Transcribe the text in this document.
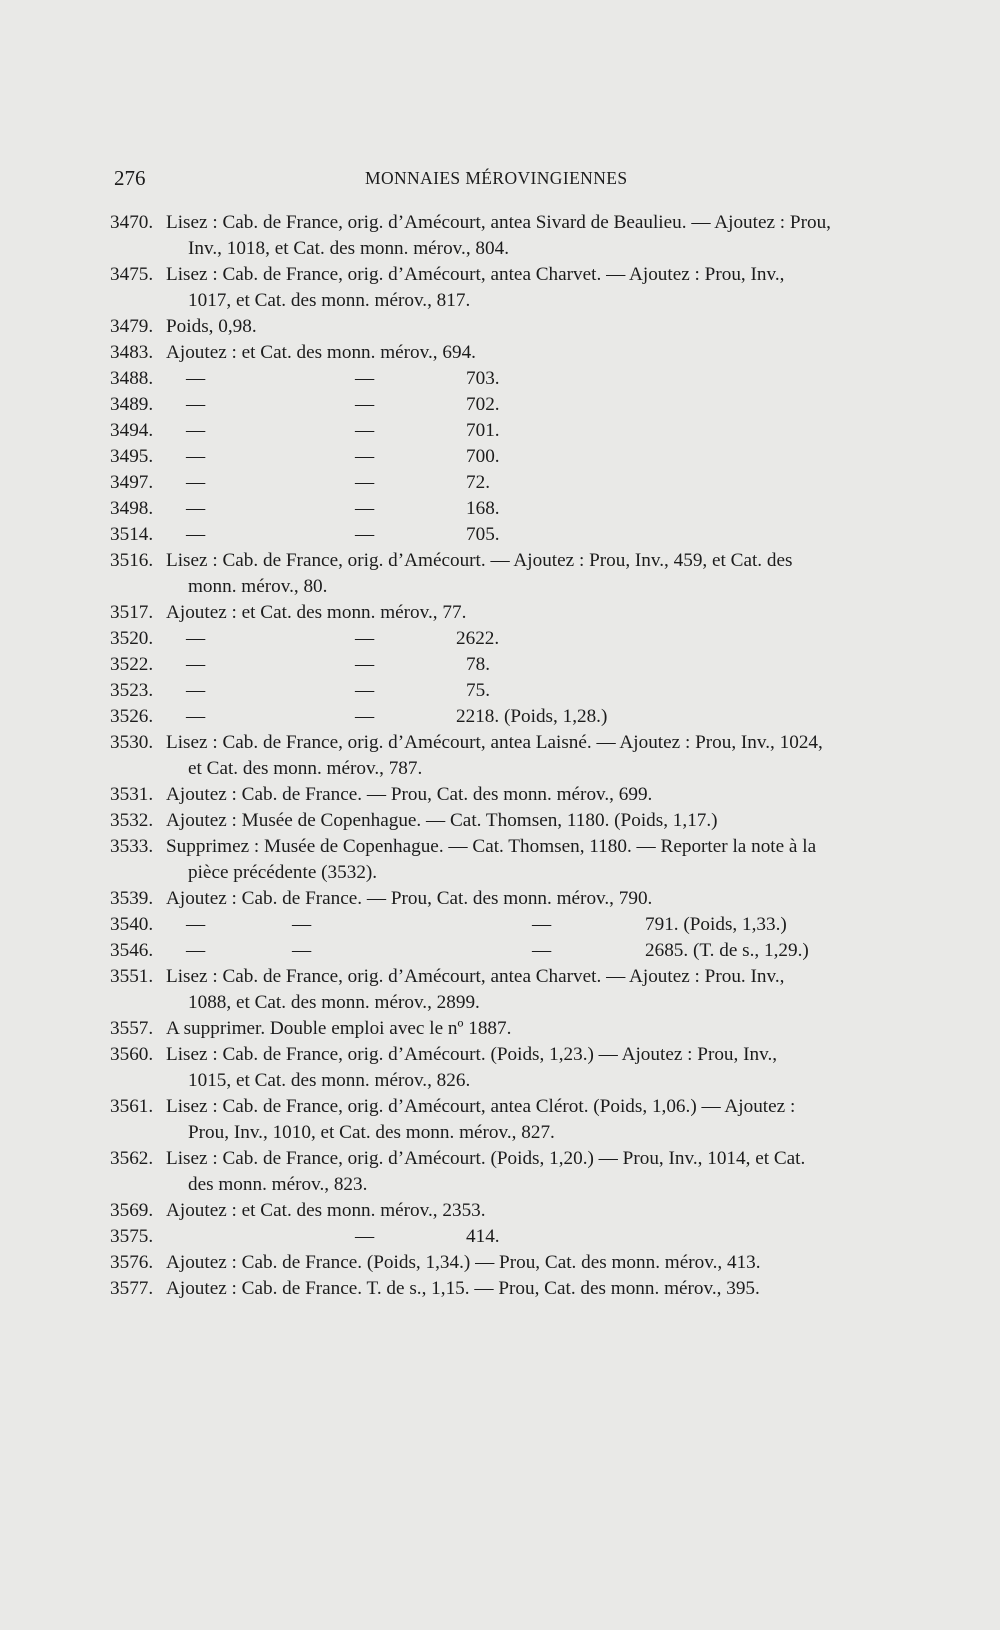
276	MONNAIES MÉROVINGIENNES
3470. Lisez : Cab. de France, orig. d’Amécourt, antea Sivard de Beaulieu. — Ajoutez : Prou,
Inv., 1018, et Cat. des monn. mérov., 804.
3475. Lisez : Cab. de France, orig. d’Amécourt, antea Charvet. — Ajoutez : Prou, Inv.,
1017, et Cat. des monn. mérov., 817.
3479. Poids, 0,98.
3483. Ajoutez : et Cat. des monn. mérov., 694.
3488. —	—	703.
3489. —	—	702.
3494. —	—	701.
3495. —	—	700.
3497. —	—	72.
3498. —	—	168.
3514. —	—	705.
3516. Lisez : Cab. de France, orig. d’Amécourt. — Ajoutez : Prou, Inv., 459, et Cat. des
monn. mérov., 80.
3517. Ajoutez : et Cat. des monn. mérov., 77.
3520. —	—	2622.
3522. —	—	78.
3523. —	—	75.
3526. —	—	2218. (Poids, 1,28.)
3530. Lisez : Cab. de France, orig. d’Amécourt, antea Laisné. — Ajoutez : Prou, Inv., 1024,
et Cat. des monn. mérov., 787.
3531. Ajoutez : Cab. de France. — Prou, Cat. des monn. mérov., 699.
3532. Ajoutez : Musée de Copenhague. — Cat. Thomsen, 1180. (Poids, 1,17.)
3533. Supprimez : Musée de Copenhague. — Cat. Thomsen, 1180. — Reporter la note à la
pièce précédente (3532).
3539. Ajoutez : Cab. de France. — Prou, Cat. des monn. mérov., 790.
3540. —	—	—	791. (Poids, 1,33.)
3546. —	—	—	2685. (T. de s., 1,29.)
3551. Lisez : Cab. de France, orig. d’Amécourt, antea Charvet. — Ajoutez : Prou. Inv.,
1088, et Cat. des monn. mérov., 2899.
3557. A supprimer. Double emploi avec le nº 1887.
3560. Lisez : Cab. de France, orig. d’Amécourt. (Poids, 1,23.) — Ajoutez : Prou, Inv.,
1015, et Cat. des monn. mérov., 826.
3561. Lisez : Cab. de France, orig. d’Amécourt, antea Clérot. (Poids, 1,06.) — Ajoutez :
Prou, Inv., 1010, et Cat. des monn. mérov., 827.
3562. Lisez : Cab. de France, orig. d’Amécourt. (Poids, 1,20.) — Prou, Inv., 1014, et Cat.
des monn. mérov., 823.
3569. Ajoutez : et Cat. des monn. mérov., 2353.
3575.	—	414.
3576. Ajoutez : Cab. de France. (Poids, 1,34.) — Prou, Cat. des monn. mérov., 413.
3577. Ajoutez : Cab. de France. T. de s., 1,15. — Prou, Cat. des monn. mérov., 395.
